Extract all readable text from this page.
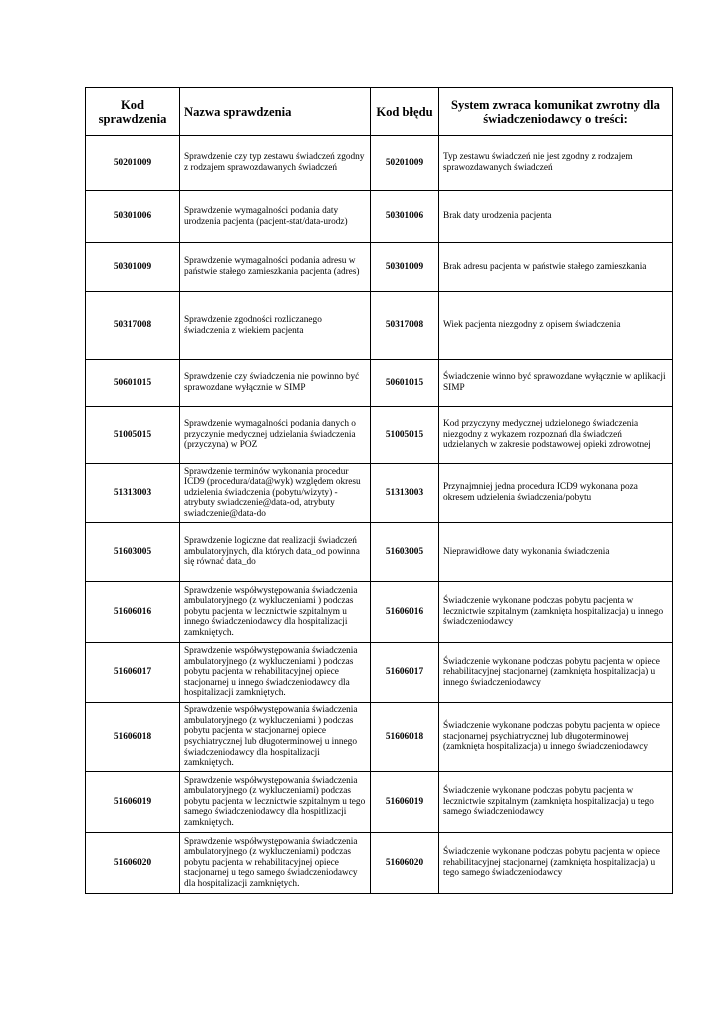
Kod sprawdzenia	Nazwa sprawdzenia	Kod błędu	System zwraca komunikat zwrotny dla świadczeniodawcy o treści:
50201009	Sprawdzenie czy typ zestawu świadczeń zgodny z rodzajem sprawozdawanych świadczeń	50201009	Typ zestawu świadczeń nie jest zgodny z rodzajem sprawozdawanych świadczeń
50301006	Sprawdzenie wymagalności podania daty urodzenia pacjenta (pacjent-stat/data-urodz)	50301006	Brak daty urodzenia pacjenta
50301009	Sprawdzenie wymagalności podania adresu w państwie stałego zamieszkania pacjenta (adres)	50301009	Brak adresu pacjenta w państwie stałego zamieszkania
50317008	Sprawdzenie zgodności rozliczanego świadczenia z wiekiem pacjenta	50317008	Wiek pacjenta niezgodny z opisem świadczenia
50601015	Sprawdzenie czy świadczenia nie powinno być sprawozdane wyłącznie w SIMP	50601015	Świadczenie winno być sprawozdane wyłącznie w aplikacji SIMP
51005015	Sprawdzenie wymagalności podania danych o przyczynie medycznej udzielania świadczenia (przyczyna) w POZ	51005015	Kod przyczyny medycznej udzielonego świadczenia niezgodny z wykazem rozpoznań dla świadczeń udzielanych w zakresie podstawowej opieki zdrowotnej
51313003	Sprawdzenie terminów wykonania procedur ICD9 (procedura/data@wyk) względem okresu udzielenia świadczenia (pobytu/wizyty) - atrybuty swiadczenie@data-od, atrybuty swiadczenie@data-do	51313003	Przynajmniej jedna procedura ICD9 wykonana poza okresem udzielenia świadczenia/pobytu
51603005	Sprawdzenie logiczne dat realizacji świadczeń ambulatoryjnych, dla których data_od powinna się równać data_do	51603005	Nieprawidłowe daty wykonania świadczenia
51606016	Sprawdzenie współwystępowania świadczenia ambulatoryjnego (z wykluczeniami ) podczas pobytu pacjenta w lecznictwie szpitalnym u innego świadczeniodawcy dla hospitalizacji zamkniętych.	51606016	Świadczenie wykonane podczas pobytu pacjenta w lecznictwie szpitalnym (zamknięta hospitalizacja) u innego świadczeniodawcy
51606017	Sprawdzenie współwystępowania świadczenia ambulatoryjnego (z wykluczeniami ) podczas pobytu pacjenta w rehabilitacyjnej opiece stacjonarnej u innego świadczeniodawcy dla hospitalizacji zamkniętych.	51606017	Świadczenie wykonane podczas pobytu pacjenta w opiece rehabilitacyjnej stacjonarnej (zamknięta hospitalizacja) u innego świadczeniodawcy
51606018	Sprawdzenie współwystępowania świadczenia ambulatoryjnego (z wykluczeniami ) podczas pobytu pacjenta w stacjonarnej opiece psychiatrycznej lub długoterminowej u innego świadczeniodawcy dla hospitalizacji zamkniętych.	51606018	Świadczenie wykonane podczas pobytu pacjenta w opiece stacjonarnej psychiatrycznej lub długoterminowej (zamknięta hospitalizacja) u innego świadczeniodawcy
51606019	Sprawdzenie współwystępowania świadczenia ambulatoryjnego (z wykluczeniami) podczas pobytu pacjenta w lecznictwie szpitalnym u tego samego świadczeniodawcy dla hospitlizacji zamkniętych.	51606019	Świadczenie wykonane podczas pobytu pacjenta w lecznictwie szpitalnym (zamknięta hospitalizacja) u tego samego świadczeniodawcy
51606020	Sprawdzenie współwystępowania świadczenia ambulatoryjnego (z wykluczeniami) podczas pobytu pacjenta w rehabilitacyjnej opiece stacjonarnej u tego samego świadczeniodawcy dla hospitalizacji zamkniętych.	51606020	Świadczenie wykonane podczas pobytu pacjenta w opiece rehabilitacyjnej stacjonarnej (zamknięta hospitalizacja) u tego samego świadczeniodawcy
